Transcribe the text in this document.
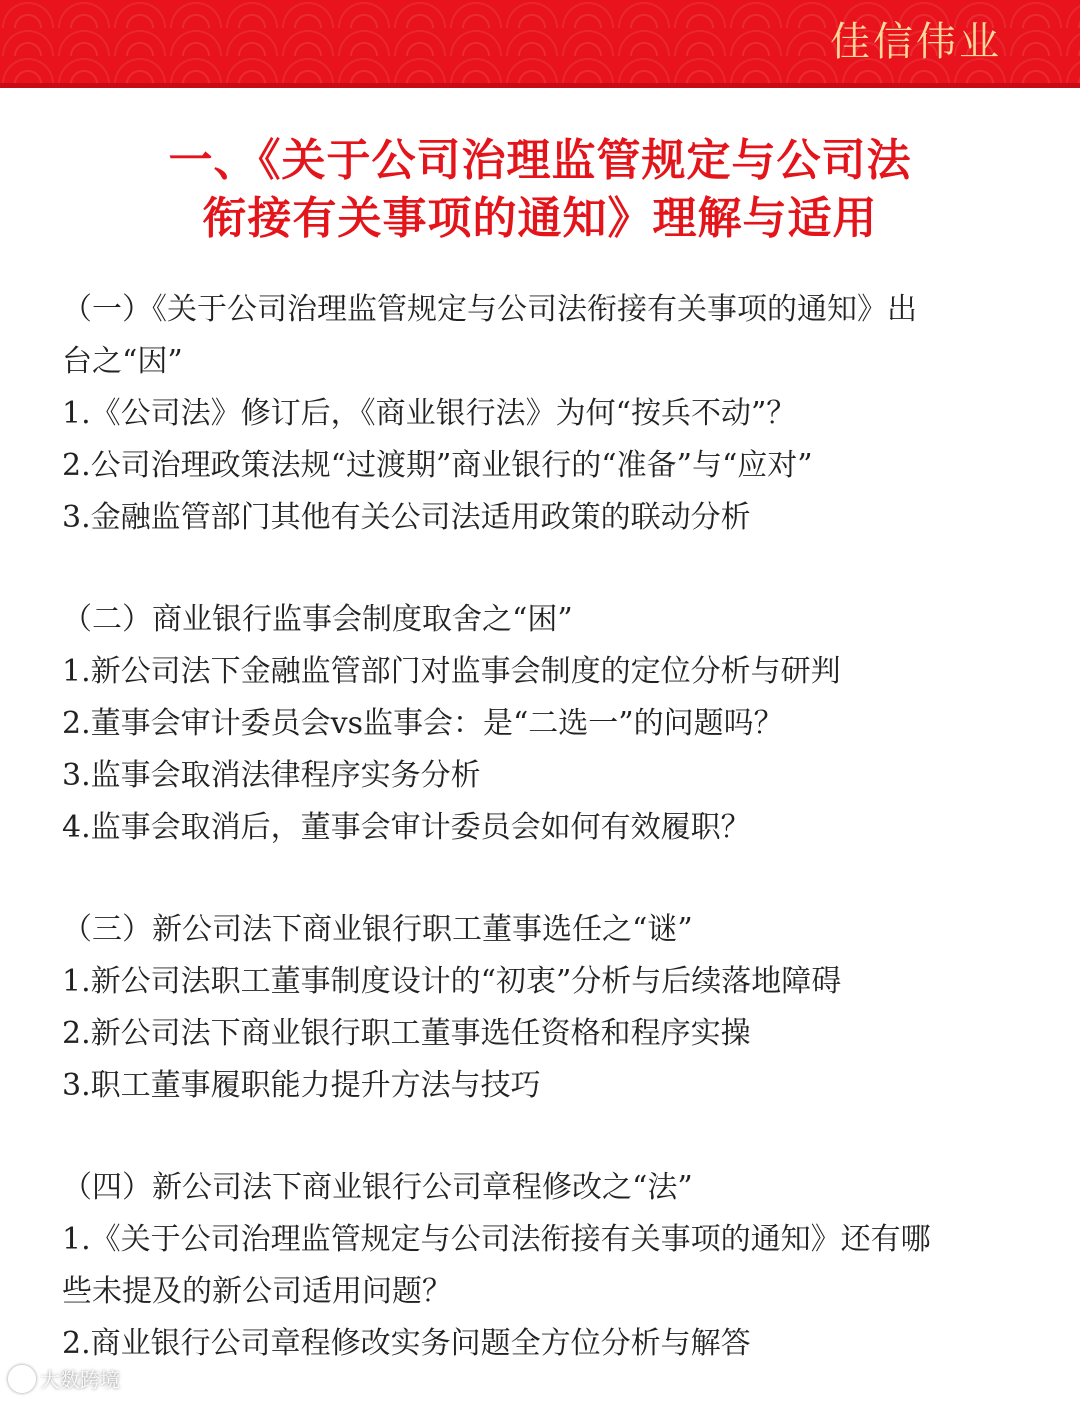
佳信伟业
一、《关于公司治理监管规定与公司法
衔接有关事项的通知》理解与适用
（一）《关于公司治理监管规定与公司法衔接有关事项的通知》出
台之“因”
1.《公司法》修订后，《商业银行法》为何“按兵不动”？
2.公司治理政策法规“过渡期”商业银行的“准备”与“应对”
3.金融监管部门其他有关公司法适用政策的联动分析
（二）商业银行监事会制度取舍之“困”
1.新公司法下金融监管部门对监事会制度的定位分析与研判
2.董事会审计委员会vs监事会：是“二选一”的问题吗？
3.监事会取消法律程序实务分析
4.监事会取消后，董事会审计委员会如何有效履职？
（三）新公司法下商业银行职工董事选任之“谜”
1.新公司法职工董事制度设计的“初衷”分析与后续落地障碍
2.新公司法下商业银行职工董事选任资格和程序实操
3.职工董事履职能力提升方法与技巧
（四）新公司法下商业银行公司章程修改之“法”
1.《关于公司治理监管规定与公司法衔接有关事项的通知》还有哪
些未提及的新公司适用问题？
2.商业银行公司章程修改实务问题全方位分析与解答
大数跨境
